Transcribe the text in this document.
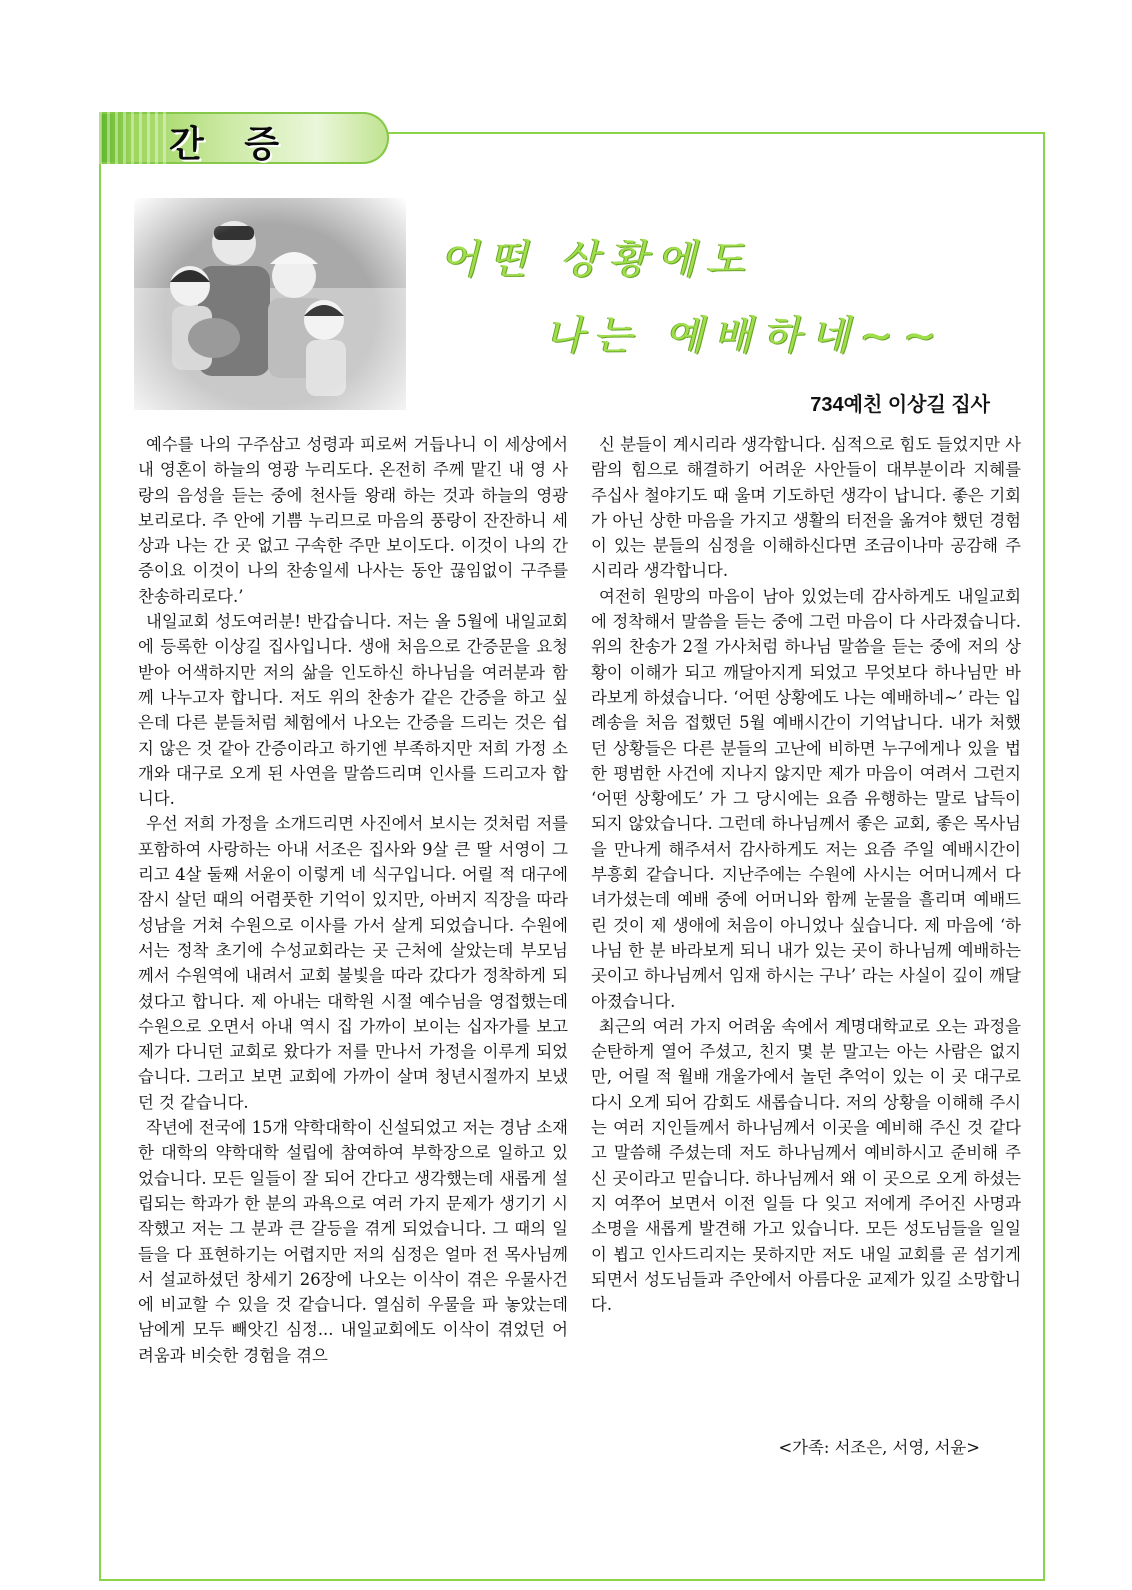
간 증
어떤 상황에도
나는 예배하네~~
734예친 이상길 집사

예수를 나의 구주삼고 성령과 피로써 거듭나니 이 세상에서 내 영혼이 하늘의 영광 누리도다. 온전히 주께 맡긴 내 영 사랑의 음성을 듣는 중에 천사들 왕래 하는 것과 하늘의 영광 보리로다. 주 안에 기쁨 누리므로 마음의 풍랑이 잔잔하니 세상과 나는 간 곳 없고 구속한 주만 보이도다. 이것이 나의 간증이요 이것이 나의 찬송일세 나사는 동안 끊임없이 구주를 찬송하리로다.’

내일교회 성도여러분! 반갑습니다. 저는 올 5월에 내일교회에 등록한 이상길 집사입니다. 생애 처음으로 간증문을 요청받아 어색하지만 저의 삶을 인도하신 하나님을 여러분과 함께 나누고자 합니다. 저도 위의 찬송가 같은 간증을 하고 싶은데 다른 분들처럼 체험에서 나오는 간증을 드리는 것은 쉽지 않은 것 같아 간증이라고 하기엔 부족하지만 저희 가정 소개와 대구로 오게 된 사연을 말씀드리며 인사를 드리고자 합니다.

우선 저희 가정을 소개드리면 사진에서 보시는 것처럼 저를 포함하여 사랑하는 아내 서조은 집사와 9살 큰 딸 서영이 그리고 4살 둘째 서윤이 이렇게 네 식구입니다. 어릴 적 대구에 잠시 살던 때의 어렴풋한 기억이 있지만, 아버지 직장을 따라 성남을 거쳐 수원으로 이사를 가서 살게 되었습니다. 수원에서는 정착 초기에 수성교회라는 곳 근처에 살았는데 부모님께서 수원역에 내려서 교회 불빛을 따라 갔다가 정착하게 되셨다고 합니다. 제 아내는 대학원 시절 예수님을 영접했는데 수원으로 오면서 아내 역시 집 가까이 보이는 십자가를 보고 제가 다니던 교회로 왔다가 저를 만나서 가정을 이루게 되었습니다. 그러고 보면 교회에 가까이 살며 청년시절까지 보냈던 것 같습니다.

작년에 전국에 15개 약학대학이 신설되었고 저는 경남 소재 한 대학의 약학대학 설립에 참여하여 부학장으로 일하고 있었습니다. 모든 일들이 잘 되어 간다고 생각했는데 새롭게 설립되는 학과가 한 분의 과욕으로 여러 가지 문제가 생기기 시작했고 저는 그 분과 큰 갈등을 겪게 되었습니다. 그 때의 일들을 다 표현하기는 어렵지만 저의 심정은 얼마 전 목사님께서 설교하셨던 창세기 26장에 나오는 이삭이 겪은 우물사건에 비교할 수 있을 것 같습니다. 열심히 우물을 파 놓았는데 남에게 모두 빼앗긴 심정... 내일교회에도 이삭이 겪었던 어려움과 비슷한 경험을 겪으

신 분들이 계시리라 생각합니다. 심적으로 힘도 들었지만 사람의 힘으로 해결하기 어려운 사안들이 대부분이라 지혜를 주십사 철야기도 때 울며 기도하던 생각이 납니다. 좋은 기회가 아닌 상한 마음을 가지고 생활의 터전을 옮겨야 했던 경험이 있는 분들의 심정을 이해하신다면 조금이나마 공감해 주시리라 생각합니다.

여전히 원망의 마음이 남아 있었는데 감사하게도 내일교회에 정착해서 말씀을 듣는 중에 그런 마음이 다 사라졌습니다. 위의 찬송가 2절 가사처럼 하나님 말씀을 듣는 중에 저의 상황이 이해가 되고 깨달아지게 되었고 무엇보다 하나님만 바라보게 하셨습니다. ‘어떤 상황에도 나는 예배하네~’ 라는 입례송을 처음 접했던 5월 예배시간이 기억납니다. 내가 처했던 상황들은 다른 분들의 고난에 비하면 누구에게나 있을 법한 평범한 사건에 지나지 않지만 제가 마음이 여려서 그런지 ‘어떤 상황에도’ 가 그 당시에는 요즘 유행하는 말로 납득이 되지 않았습니다. 그런데 하나님께서 좋은 교회, 좋은 목사님을 만나게 해주셔서 감사하게도 저는 요즘 주일 예배시간이 부흥회 같습니다. 지난주에는 수원에 사시는 어머니께서 다녀가셨는데 예배 중에 어머니와 함께 눈물을 흘리며 예배드린 것이 제 생애에 처음이 아니었나 싶습니다. 제 마음에 ‘하나님 한 분 바라보게 되니 내가 있는 곳이 하나님께 예배하는 곳이고 하나님께서 임재 하시는 구나’ 라는 사실이 깊이 깨달아졌습니다.

최근의 여러 가지 어려움 속에서 계명대학교로 오는 과정을 순탄하게 열어 주셨고, 친지 몇 분 말고는 아는 사람은 없지만, 어릴 적 월배 개울가에서 놀던 추억이 있는 이 곳 대구로 다시 오게 되어 감회도 새롭습니다. 저의 상황을 이해해 주시는 여러 지인들께서 하나님께서 이곳을 예비해 주신 것 같다고 말씀해 주셨는데 저도 하나님께서 예비하시고 준비해 주신 곳이라고 믿습니다. 하나님께서 왜 이 곳으로 오게 하셨는지 여쭈어 보면서 이전 일들 다 잊고 저에게 주어진 사명과 소명을 새롭게 발견해 가고 있습니다. 모든 성도님들을 일일이 뵙고 인사드리지는 못하지만 저도 내일 교회를 곧 섬기게 되면서 성도님들과 주안에서 아름다운 교제가 있길 소망합니다.

<가족: 서조은, 서영, 서윤>
